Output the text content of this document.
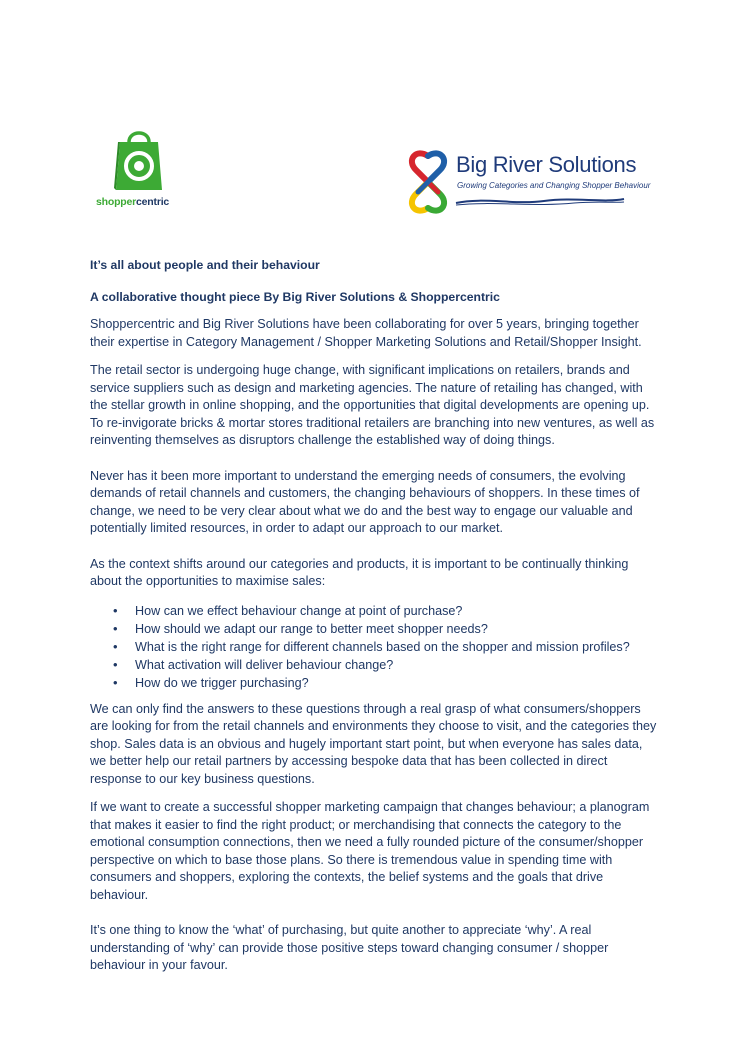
shoppercentric
Big River Solutions
Growing Categories and Changing Shopper Behaviour

It’s all about people and their behaviour

A collaborative thought piece By Big River Solutions & Shoppercentric

Shoppercentric and Big River Solutions have been collaborating for over 5 years, bringing together their expertise in Category Management / Shopper Marketing Solutions and Retail/Shopper Insight.

The retail sector is undergoing huge change, with significant implications on retailers, brands and service suppliers such as design and marketing agencies. The nature of retailing has changed, with the stellar growth in online shopping, and the opportunities that digital developments are opening up. To re-invigorate bricks & mortar stores traditional retailers are branching into new ventures, as well as reinventing themselves as disruptors challenge the established way of doing things.

Never has it been more important to understand the emerging needs of consumers, the evolving demands of retail channels and customers, the changing behaviours of shoppers. In these times of change, we need to be very clear about what we do and the best way to engage our valuable and potentially limited resources, in order to adapt our approach to our market.

As the context shifts around our categories and products, it is important to be continually thinking about the opportunities to maximise sales:

• How can we effect behaviour change at point of purchase?
• How should we adapt our range to better meet shopper needs?
• What is the right range for different channels based on the shopper and mission profiles?
• What activation will deliver behaviour change?
• How do we trigger purchasing?

We can only find the answers to these questions through a real grasp of what consumers/shoppers are looking for from the retail channels and environments they choose to visit, and the categories they shop. Sales data is an obvious and hugely important start point, but when everyone has sales data, we better help our retail partners by accessing bespoke data that has been collected in direct response to our key business questions.

If we want to create a successful shopper marketing campaign that changes behaviour; a planogram that makes it easier to find the right product; or merchandising that connects the category to the emotional consumption connections, then we need a fully rounded picture of the consumer/shopper perspective on which to base those plans. So there is tremendous value in spending time with consumers and shoppers, exploring the contexts, the belief systems and the goals that drive behaviour.

It’s one thing to know the ‘what’ of purchasing, but quite another to appreciate ‘why’. A real understanding of ‘why’ can provide those positive steps toward changing consumer / shopper behaviour in your favour.
